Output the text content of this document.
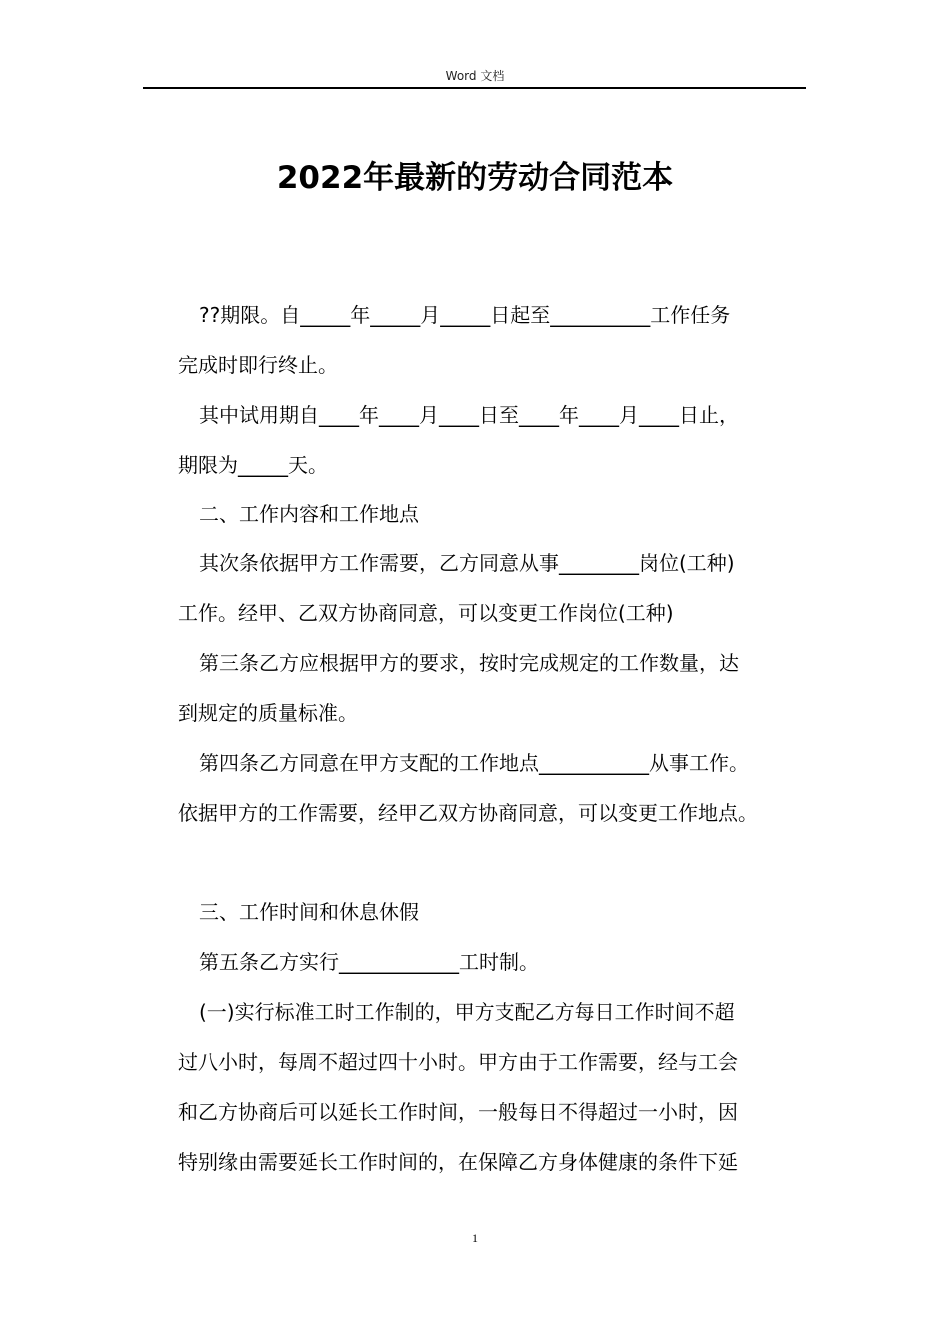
Word 文档
2022年最新的劳动合同范本
??期限。自_____年_____月_____日起至__________工作任务
完成时即行终止。
其中试用期自____年____月____日至____年____月____日止，
期限为_____天。
二、工作内容和工作地点
其次条依据甲方工作需要，乙方同意从事________岗位(工种)
工作。经甲、乙双方协商同意，可以变更工作岗位(工种)
第三条乙方应根据甲方的要求，按时完成规定的工作数量，达
到规定的质量标准。
第四条乙方同意在甲方支配的工作地点___________从事工作。
依据甲方的工作需要，经甲乙双方协商同意，可以变更工作地点。
三、工作时间和休息休假
第五条乙方实行____________工时制。
(一)实行标准工时工作制的，甲方支配乙方每日工作时间不超
过八小时，每周不超过四十小时。甲方由于工作需要，经与工会
和乙方协商后可以延长工作时间，一般每日不得超过一小时，因
特别缘由需要延长工作时间的，在保障乙方身体健康的条件下延
1
